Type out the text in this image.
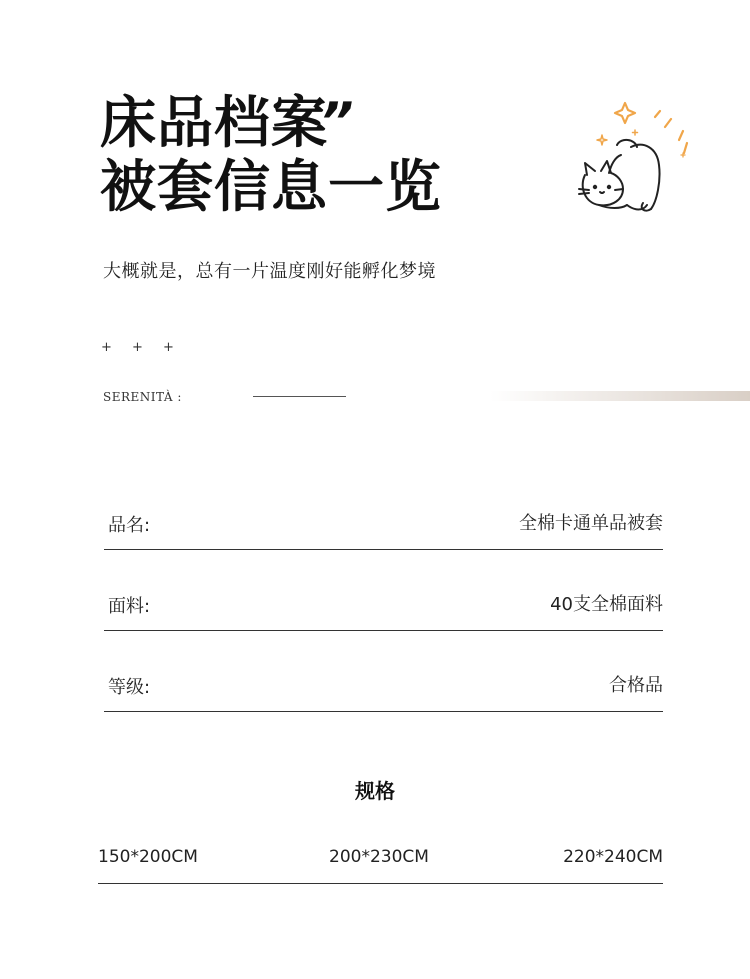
床品档案
”
被套信息一览

大概就是，总有一片温度刚好能孵化梦境

+ + +
SERENITÀ :
品名:	全棉卡通单品被套
面料:	40支全棉面料
等级:	合格品
规格
150*200CM	200*230CM	220*240CM
